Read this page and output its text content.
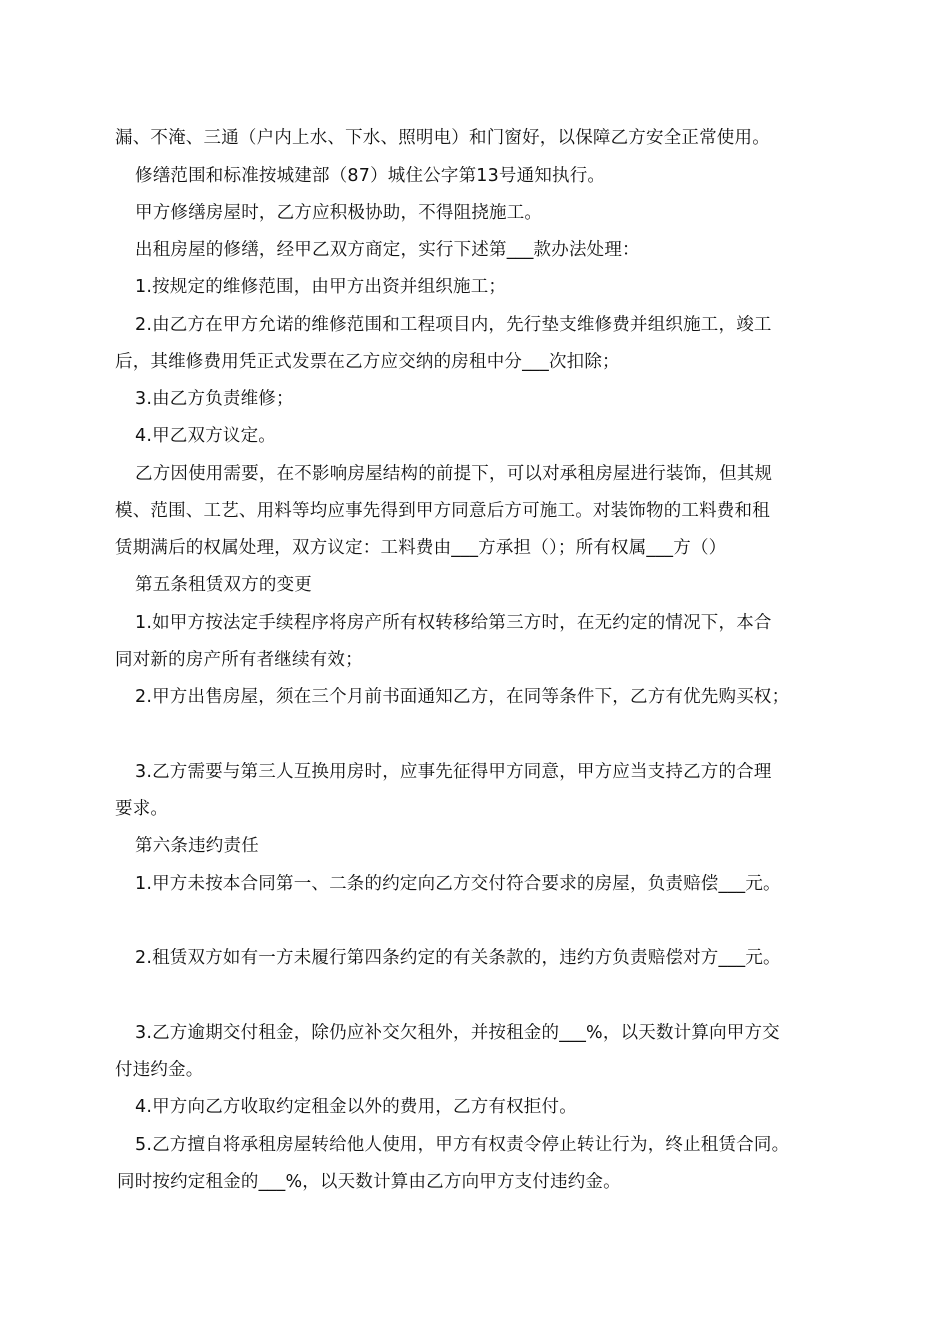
漏、不淹、三通（户内上水、下水、照明电）和门窗好，以保障乙方安全正常使用。
修缮范围和标准按城建部（87）城住公字第13号通知执行。
甲方修缮房屋时，乙方应积极协助，不得阻挠施工。
出租房屋的修缮，经甲乙双方商定，实行下述第___款办法处理：
1.按规定的维修范围，由甲方出资并组织施工；
2.由乙方在甲方允诺的维修范围和工程项目内，先行垫支维修费并组织施工，竣工
后，其维修费用凭正式发票在乙方应交纳的房租中分___次扣除；
3.由乙方负责维修；
4.甲乙双方议定。
乙方因使用需要，在不影响房屋结构的前提下，可以对承租房屋进行装饰，但其规
模、范围、工艺、用料等均应事先得到甲方同意后方可施工。对装饰物的工料费和租
赁期满后的权属处理，双方议定：工料费由___方承担（）；所有权属___方（）
第五条租赁双方的变更
1.如甲方按法定手续程序将房产所有权转移给第三方时，在无约定的情况下，本合
同对新的房产所有者继续有效；
2.甲方出售房屋，须在三个月前书面通知乙方，在同等条件下，乙方有优先购买权；
3.乙方需要与第三人互换用房时，应事先征得甲方同意，甲方应当支持乙方的合理
要求。
第六条违约责任
1.甲方未按本合同第一、二条的约定向乙方交付符合要求的房屋，负责赔偿___元。
2.租赁双方如有一方未履行第四条约定的有关条款的，违约方负责赔偿对方___元。
3.乙方逾期交付租金，除仍应补交欠租外，并按租金的___%，以天数计算向甲方交
付违约金。
4.甲方向乙方收取约定租金以外的费用，乙方有权拒付。
5.乙方擅自将承租房屋转给他人使用，甲方有权责令停止转让行为，终止租赁合同。
同时按约定租金的___%，以天数计算由乙方向甲方支付违约金。
